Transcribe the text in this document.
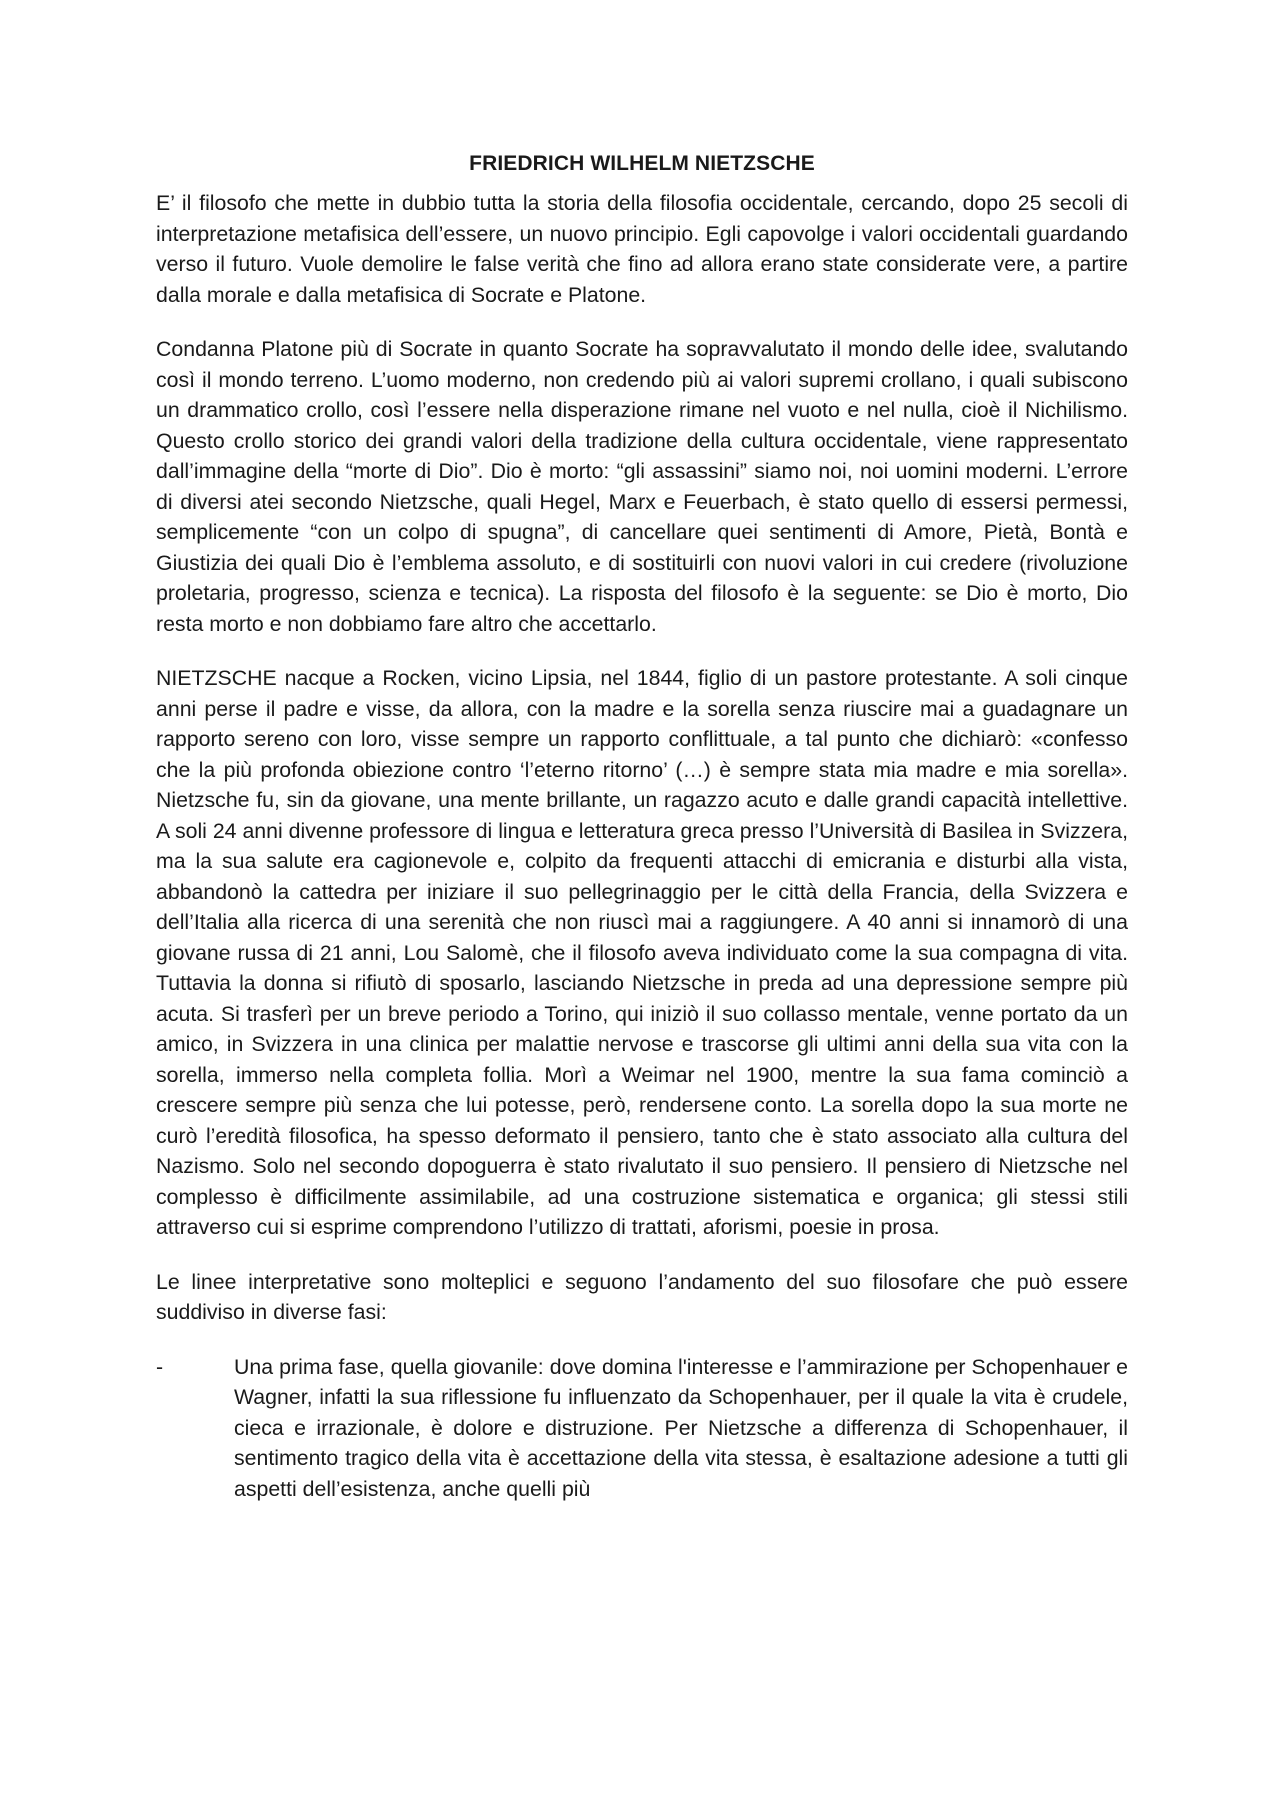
FRIEDRICH WILHELM NIETZSCHE

E’ il filosofo che mette in dubbio tutta la storia della filosofia occidentale, cercando, dopo 25 secoli di interpretazione metafisica dell’essere, un nuovo principio. Egli capovolge i valori occidentali guardando verso il futuro. Vuole demolire le false verità che fino ad allora erano state considerate vere, a partire dalla morale e dalla metafisica di Socrate e Platone.

Condanna Platone più di Socrate in quanto Socrate ha sopravvalutato il mondo delle idee, svalutando così il mondo terreno. L’uomo moderno, non credendo più ai valori supremi crollano, i quali subiscono un drammatico crollo, così l’essere nella disperazione rimane nel vuoto e nel nulla, cioè il Nichilismo. Questo crollo storico dei grandi valori della tradizione della cultura occidentale, viene rappresentato dall’immagine della “morte di Dio”. Dio è morto: “gli assassini” siamo noi, noi uomini moderni. L’errore di diversi atei secondo Nietzsche, quali Hegel, Marx e Feuerbach, è stato quello di essersi permessi, semplicemente “con un colpo di spugna”, di cancellare quei sentimenti di Amore, Pietà, Bontà e Giustizia dei quali Dio è l’emblema assoluto, e di sostituirli con nuovi valori in cui credere (rivoluzione proletaria, progresso, scienza e tecnica). La risposta del filosofo è la seguente: se Dio è morto, Dio resta morto e non dobbiamo fare altro che accettarlo.

NIETZSCHE nacque a Rocken, vicino Lipsia, nel 1844, figlio di un pastore protestante. A soli cinque anni perse il padre e visse, da allora, con la madre e la sorella senza riuscire mai a guadagnare un rapporto sereno con loro, visse sempre un rapporto conflittuale, a tal punto che dichiarò: «confesso che la più profonda obiezione contro ‘l’eterno ritorno’ (…) è sempre stata mia madre e mia sorella». Nietzsche fu, sin da giovane, una mente brillante, un ragazzo acuto e dalle grandi capacità intellettive. A soli 24 anni divenne professore di lingua e letteratura greca presso l’Università di Basilea in Svizzera, ma la sua salute era cagionevole e, colpito da frequenti attacchi di emicrania e disturbi alla vista, abbandonò la cattedra per iniziare il suo pellegrinaggio per le città della Francia, della Svizzera e dell’Italia alla ricerca di una serenità che non riuscì mai a raggiungere. A 40 anni si innamorò di una giovane russa di 21 anni, Lou Salomè, che il filosofo aveva individuato come la sua compagna di vita. Tuttavia la donna si rifiutò di sposarlo, lasciando Nietzsche in preda ad una depressione sempre più acuta. Si trasferì per un breve periodo a Torino, qui iniziò il suo collasso mentale, venne portato da un amico, in Svizzera in una clinica per malattie nervose e trascorse gli ultimi anni della sua vita con la sorella, immerso nella completa follia. Morì a Weimar nel 1900, mentre la sua fama cominciò a crescere sempre più senza che lui potesse, però, rendersene conto. La sorella dopo la sua morte ne curò l’eredità filosofica, ha spesso deformato il pensiero, tanto che è stato associato alla cultura del Nazismo. Solo nel secondo dopoguerra è stato rivalutato il suo pensiero. Il pensiero di Nietzsche nel complesso è difficilmente assimilabile, ad una costruzione sistematica e organica; gli stessi stili attraverso cui si esprime comprendono l’utilizzo di trattati, aforismi, poesie in prosa.

Le linee interpretative sono molteplici e seguono l’andamento del suo filosofare che può essere suddiviso in diverse fasi:

-	Una prima fase, quella giovanile: dove domina l'interesse e l’ammirazione per Schopenhauer e Wagner, infatti la sua riflessione fu influenzato da Schopenhauer, per il quale la vita è crudele, cieca e irrazionale, è dolore e distruzione. Per Nietzsche a differenza di Schopenhauer, il sentimento tragico della vita è accettazione della vita stessa, è esaltazione adesione a tutti gli aspetti dell’esistenza, anche quelli più
